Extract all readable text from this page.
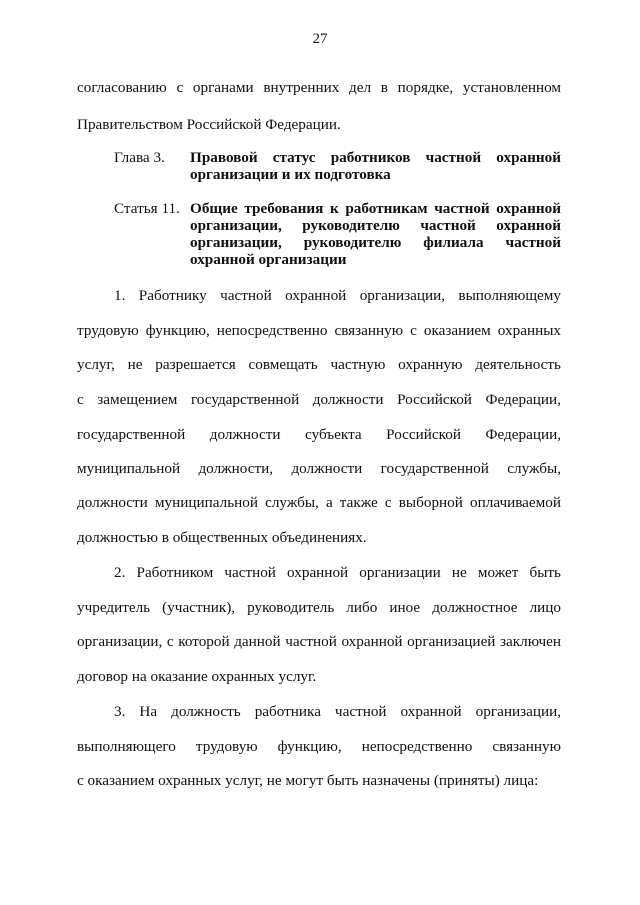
27
согласованию с органами внутренних дел в порядке, установленном
Правительством Российской Федерации.
Глава 3. Правовой статус работников частной охранной
организации и их подготовка
Статья 11. Общие требования к работникам частной охранной
организации, руководителю частной охранной
организации, руководителю филиала частной
охранной организации
1. Работнику частной охранной организации, выполняющему
трудовую функцию, непосредственно связанную с оказанием охранных
услуг, не разрешается совмещать частную охранную деятельность
с замещением государственной должности Российской Федерации,
государственной должности субъекта Российской Федерации,
муниципальной должности, должности государственной службы,
должности муниципальной службы, а также с выборной оплачиваемой
должностью в общественных объединениях.
2. Работником частной охранной организации не может быть
учредитель (участник), руководитель либо иное должностное лицо
организации, с которой данной частной охранной организацией заключен
договор на оказание охранных услуг.
3. На должность работника частной охранной организации,
выполняющего трудовую функцию, непосредственно связанную
с оказанием охранных услуг, не могут быть назначены (приняты) лица:
